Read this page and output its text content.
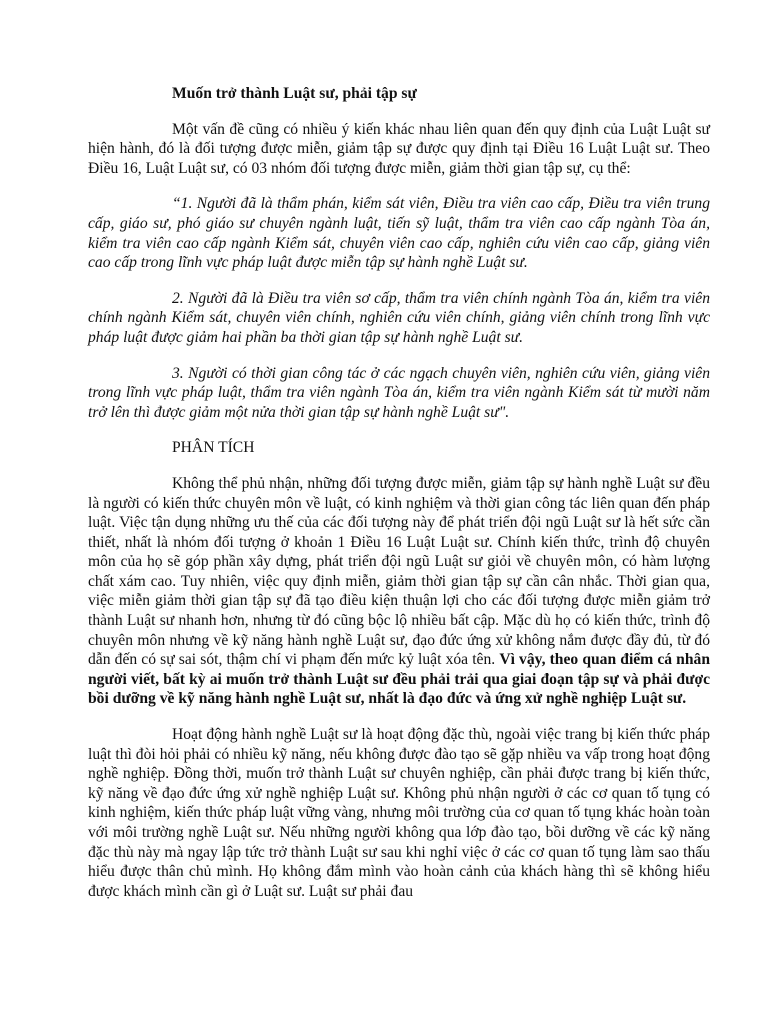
Muốn trở thành Luật sư, phải tập sự

Một vấn đề cũng có nhiều ý kiến khác nhau liên quan đến quy định của Luật Luật sư hiện hành, đó là đối tượng được miễn, giảm tập sự được quy định tại Điều 16 Luật Luật sư. Theo Điều 16, Luật Luật sư, có 03 nhóm đối tượng được miễn, giảm thời gian tập sự, cụ thể:

“1. Người đã là thẩm phán, kiểm sát viên, Điều tra viên cao cấp, Điều tra viên trung cấp, giáo sư, phó giáo sư chuyên ngành luật, tiến sỹ luật, thẩm tra viên cao cấp ngành Tòa án, kiểm tra viên cao cấp ngành Kiểm sát, chuyên viên cao cấp, nghiên cứu viên cao cấp, giảng viên cao cấp trong lĩnh vực pháp luật được miễn tập sự hành nghề Luật sư.

2. Người đã là Điều tra viên sơ cấp, thẩm tra viên chính ngành Tòa án, kiểm tra viên chính ngành Kiểm sát, chuyên viên chính, nghiên cứu viên chính, giảng viên chính trong lĩnh vực pháp luật được giảm hai phần ba thời gian tập sự hành nghề Luật sư.

3. Người có thời gian công tác ở các ngạch chuyên viên, nghiên cứu viên, giảng viên trong lĩnh vực pháp luật, thẩm tra viên ngành Tòa án, kiểm tra viên ngành Kiểm sát từ mười năm trở lên thì được giảm một nửa thời gian tập sự hành nghề Luật sư".

PHÂN TÍCH

Không thể phủ nhận, những đối tượng được miễn, giảm tập sự hành nghề Luật sư đều là người có kiến thức chuyên môn về luật, có kinh nghiệm và thời gian công tác liên quan đến pháp luật. Việc tận dụng những ưu thế của các đối tượng này để phát triển đội ngũ Luật sư là hết sức cần thiết, nhất là nhóm đối tượng ở khoản 1 Điều 16 Luật Luật sư. Chính kiến thức, trình độ chuyên môn của họ sẽ góp phần xây dựng, phát triển đội ngũ Luật sư giỏi về chuyên môn, có hàm lượng chất xám cao. Tuy nhiên, việc quy định miễn, giảm thời gian tập sự cần cân nhắc. Thời gian qua, việc miễn giảm thời gian tập sự đã tạo điều kiện thuận lợi cho các đối tượng được miễn giảm trở thành Luật sư nhanh hơn, nhưng từ đó cũng bộc lộ nhiều bất cập. Mặc dù họ có kiến thức, trình độ chuyên môn nhưng về kỹ năng hành nghề Luật sư, đạo đức ứng xử không nắm được đầy đủ, từ đó dẫn đến có sự sai sót, thậm chí vi phạm đến mức kỷ luật xóa tên. Vì vậy, theo quan điểm cá nhân người viết, bất kỳ ai muốn trở thành Luật sư đều phải trải qua giai đoạn tập sự và phải được bồi dưỡng về kỹ năng hành nghề Luật sư, nhất là đạo đức và ứng xử nghề nghiệp Luật sư.

Hoạt động hành nghề Luật sư là hoạt động đặc thù, ngoài việc trang bị kiến thức pháp luật thì đòi hỏi phải có nhiều kỹ năng, nếu không được đào tạo sẽ gặp nhiều va vấp trong hoạt động nghề nghiệp. Đồng thời, muốn trở thành Luật sư chuyên nghiệp, cần phải được trang bị kiến thức, kỹ năng về đạo đức ứng xử nghề nghiệp Luật sư. Không phủ nhận người ở các cơ quan tố tụng có kinh nghiệm, kiến thức pháp luật vững vàng, nhưng môi trường của cơ quan tố tụng khác hoàn toàn với môi trường nghề Luật sư. Nếu những người không qua lớp đào tạo, bồi dưỡng về các kỹ năng đặc thù này mà ngay lập tức trở thành Luật sư sau khi nghỉ việc ở các cơ quan tố tụng làm sao thấu hiểu được thân chủ mình. Họ không đắm mình vào hoàn cảnh của khách hàng thì sẽ không hiểu được khách mình cần gì ở Luật sư. Luật sư phải đau
